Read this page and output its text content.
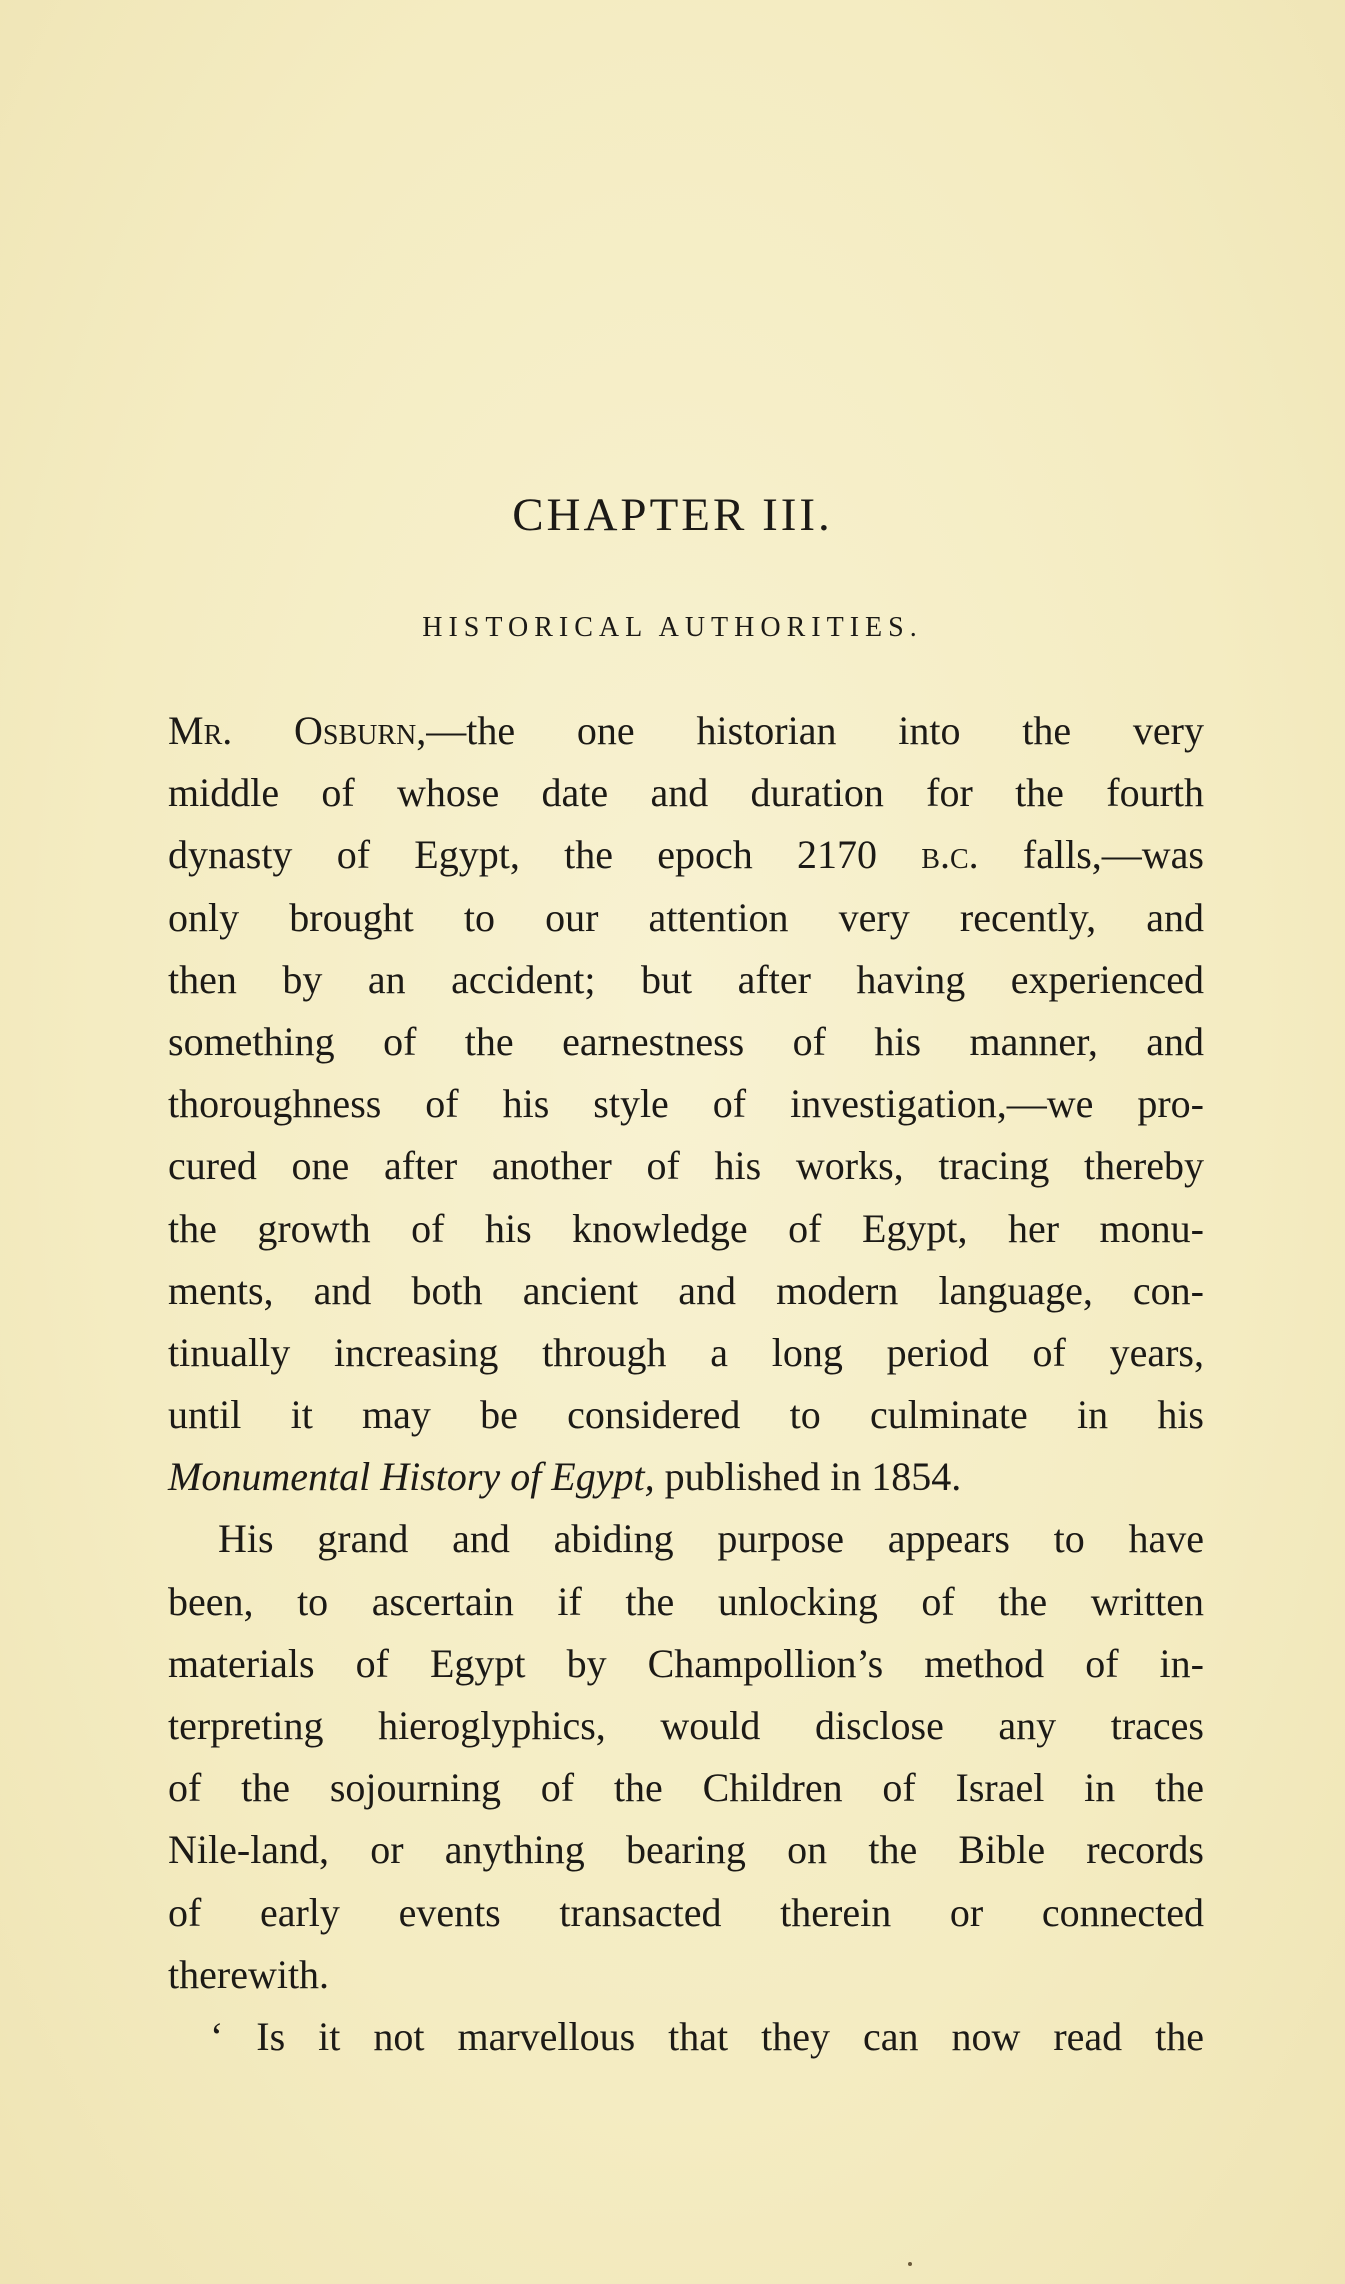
CHAPTER III.
HISTORICAL AUTHORITIES.
Mr. Osburn,—the one historian into the very
middle of whose date and duration for the fourth
dynasty of Egypt, the epoch 2170 b.c. falls,—was
only brought to our attention very recently, and
then by an accident; but after having experienced
something of the earnestness of his manner, and
thoroughness of his style of investigation,—we pro-
cured one after another of his works, tracing thereby
the growth of his knowledge of Egypt, her monu-
ments, and both ancient and modern language, con-
tinually increasing through a long period of years,
until it may be considered to culminate in his
Monumental History of Egypt, published in 1854.
His grand and abiding purpose appears to have
been, to ascertain if the unlocking of the written
materials of Egypt by Champollion’s method of in-
terpreting hieroglyphics, would disclose any traces
of the sojourning of the Children of Israel in the
Nile-land, or anything bearing on the Bible records
of early events transacted therein or connected
therewith.
‘ Is it not marvellous that they can now read the
